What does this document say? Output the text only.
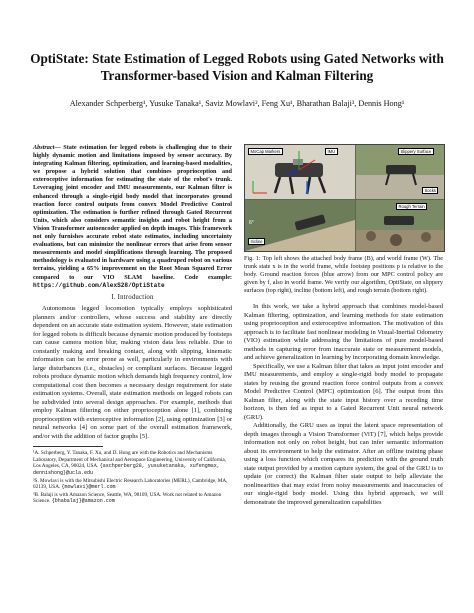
OptiState: State Estimation of Legged Robots using Gated Networks with Transformer-based Vision and Kalman Filtering
Alexander Schperberg¹, Yusuke Tanaka¹, Saviz Mowlavi², Feng Xu¹, Bharathan Balaji³, Dennis Hong¹
Abstract— State estimation for legged robots is challenging due to their highly dynamic motion and limitations imposed by sensor accuracy. By integrating Kalman filtering, optimization, and learning-based modalities, we propose a hybrid solution that combines proprioception and exteroceptive information for estimating the state of the robot's trunk. Leveraging joint encoder and IMU measurements, our Kalman filter is enhanced through a single-rigid body model that incorporates ground reaction force control outputs from convex Model Predictive Control optimization. The estimation is further refined through Gated Recurrent Units, which also considers semantic insights and robot height from a Vision Transformer autoencoder applied on depth images. This framework not only furnishes accurate robot state estimates, including uncertainty evaluations, but can minimize the nonlinear errors that arise from sensor measurements and model simplifications through learning. The proposed methodology is evaluated in hardware using a quadruped robot on various terrains, yielding a 65% improvement on the Root Mean Squared Error compared to our VIO SLAM baseline. Code example: https://github.com/AlexS28/OptiState
I. Introduction

Autonomous legged locomotion typically employs sophisticated planners and/or controllers, whose success and stability are directly dependent on an accurate state estimation system. However, state estimation for legged robots is difficult because dynamic motion produced by footsteps can cause camera motion blur, making vision data less reliable. Due to constantly making and breaking contact, along with slipping, kinematic information can be error prone as well, particularly in environments with large disturbances (i.e., obstacles) or compliant surfaces. Because legged robots produce dynamic motion which demands high frequency control, low computational cost then becomes a necessary design requirement for state estimation systems. Overall, state estimation methods on legged robots can be subdivided into several design approaches. For example, methods that employ Kalman filtering on either proprioception alone [1], combining proprioception with exteroceptive information [2], using optimization [3] or neural networks [4] on some part of the overall estimation framework, and/or with the addition of factor graphs [5].

¹A. Schperberg, Y. Tanaka, F. Xu, and D. Hong are with the Robotics and Mechanisms Laboratory, Department of Mechanical and Aerospace Engineering, University of California, Los Angeles, CA, 90024, USA. {aschperberg28, yusuketanaka, xufengmax, dennishong}@ucla.edu
²S. Mowlavi is with the Mitsubishi Electric Research Laboratories (MERL), Cambridge, MA, 02139, USA. {mowlavi}@merl.com
³B. Balaji is with Amazon Science, Seattle, WA, 98109, USA. Work not related to Amazon Science. {bhabalaj}@amazon.com
MoCap Markers	IMU	Slippery Surface
Socks
6°
Incline
Rough Terrain
Fig. 1: Top left shows the attached body frame (B), and world frame (W). The trunk state x is in the world frame, while footstep positions p is relative to the body. Ground reaction forces (blue arrow) from our MPC control policy are given by f, also in world frame. We verify our algorithm, OptiState, on slippery surfaces (top right), incline (bottom left), and rough terrain (bottom right).

In this work, we take a hybrid approach that combines model-based Kalman filtering, optimization, and learning methods for state estimation using proprioception and exteroceptive information. The motivation of this approach is to facilitate fast nonlinear modeling in Visual-Inertial Odometry (VIO) estimation while addressing the limitations of pure model-based methods in capturing error from inaccurate state or measurement models, and achieve generalization in learning by incorporating domain knowledge.

Specifically, we use a Kalman filter that takes as input joint encoder and IMU measurements, and employ a single-rigid body model to propagate states by reusing the ground reaction force control outputs from a convex Model Predictive Control (MPC) optimization [6]. The output from this Kalman filter, along with the state input history over a receding time horizon, is then fed as input to a Gated Recurrent Unit neural network (GRU).

Additionally, the GRU uses as input the latent space representation of depth images through a Vision Transformer (ViT) [7], which helps provide information not only on robot height, but can infer semantic information about its environment to help the estimator. After an offline training phase using a loss function which compares its prediction with the ground truth state output provided by a motion capture system, the goal of the GRU is to update (or correct) the Kalman filter state output to help alleviate the nonlinearities that may exist from noisy measurements and inaccuracies of our single-rigid body model. Using this hybrid approach, we will demonstrate the improved generalization capabilities
